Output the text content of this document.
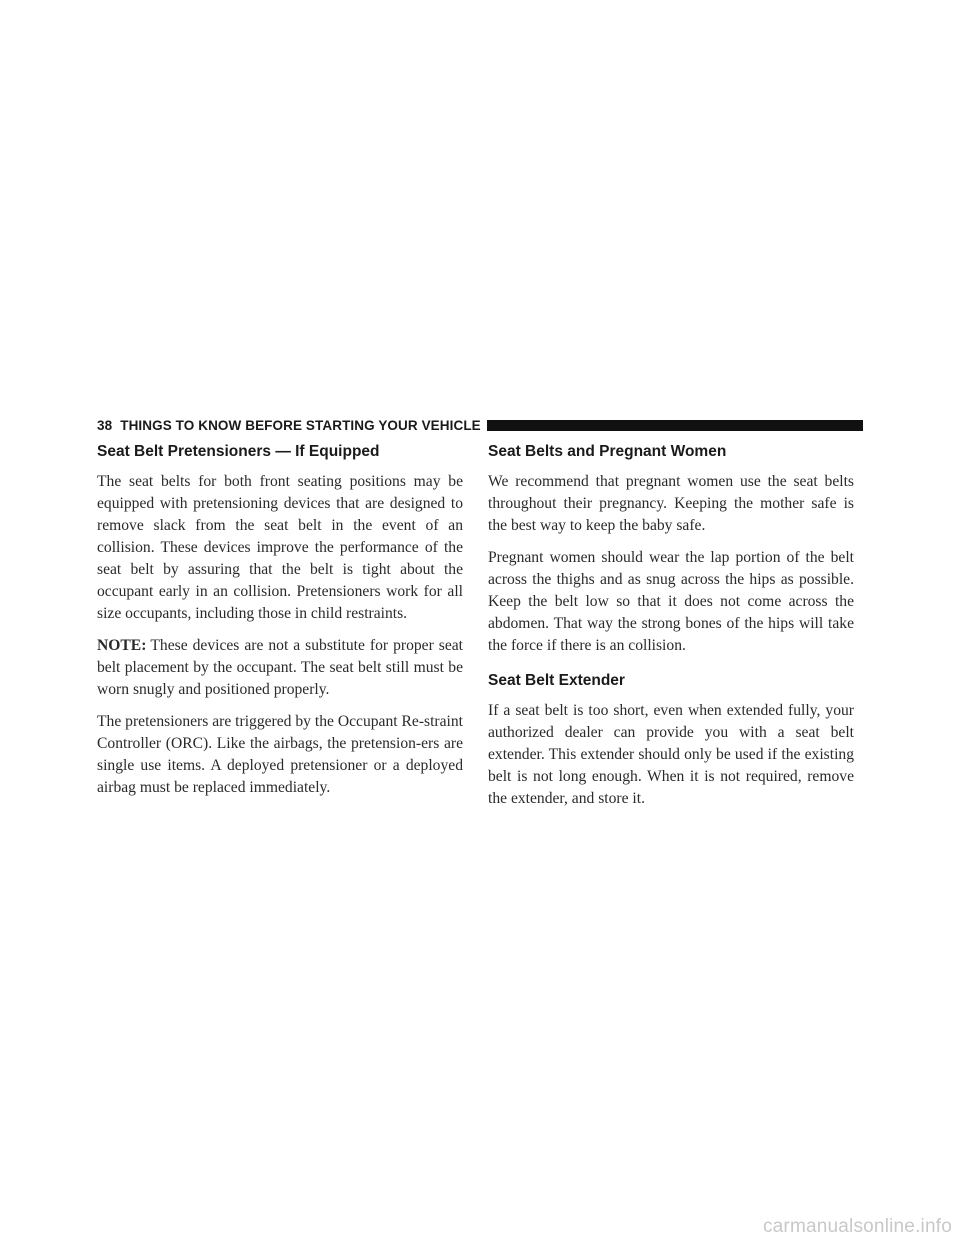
38 THINGS TO KNOW BEFORE STARTING YOUR VEHICLE
Seat Belt Pretensioners — If Equipped

The seat belts for both front seating positions may be equipped with pretensioning devices that are designed to remove slack from the seat belt in the event of an collision. These devices improve the performance of the seat belt by assuring that the belt is tight about the occupant early in an collision. Pretensioners work for all size occupants, including those in child restraints.

NOTE: These devices are not a substitute for proper seat belt placement by the occupant. The seat belt still must be worn snugly and positioned properly.

The pretensioners are triggered by the Occupant Re-straint Controller (ORC). Like the airbags, the pretension-ers are single use items. A deployed pretensioner or a deployed airbag must be replaced immediately.

Seat Belts and Pregnant Women

We recommend that pregnant women use the seat belts throughout their pregnancy. Keeping the mother safe is the best way to keep the baby safe.

Pregnant women should wear the lap portion of the belt across the thighs and as snug across the hips as possible. Keep the belt low so that it does not come across the abdomen. That way the strong bones of the hips will take the force if there is an collision.

Seat Belt Extender

If a seat belt is too short, even when extended fully, your authorized dealer can provide you with a seat belt extender. This extender should only be used if the existing belt is not long enough. When it is not required, remove the extender, and store it.

carmanualsonline.info
